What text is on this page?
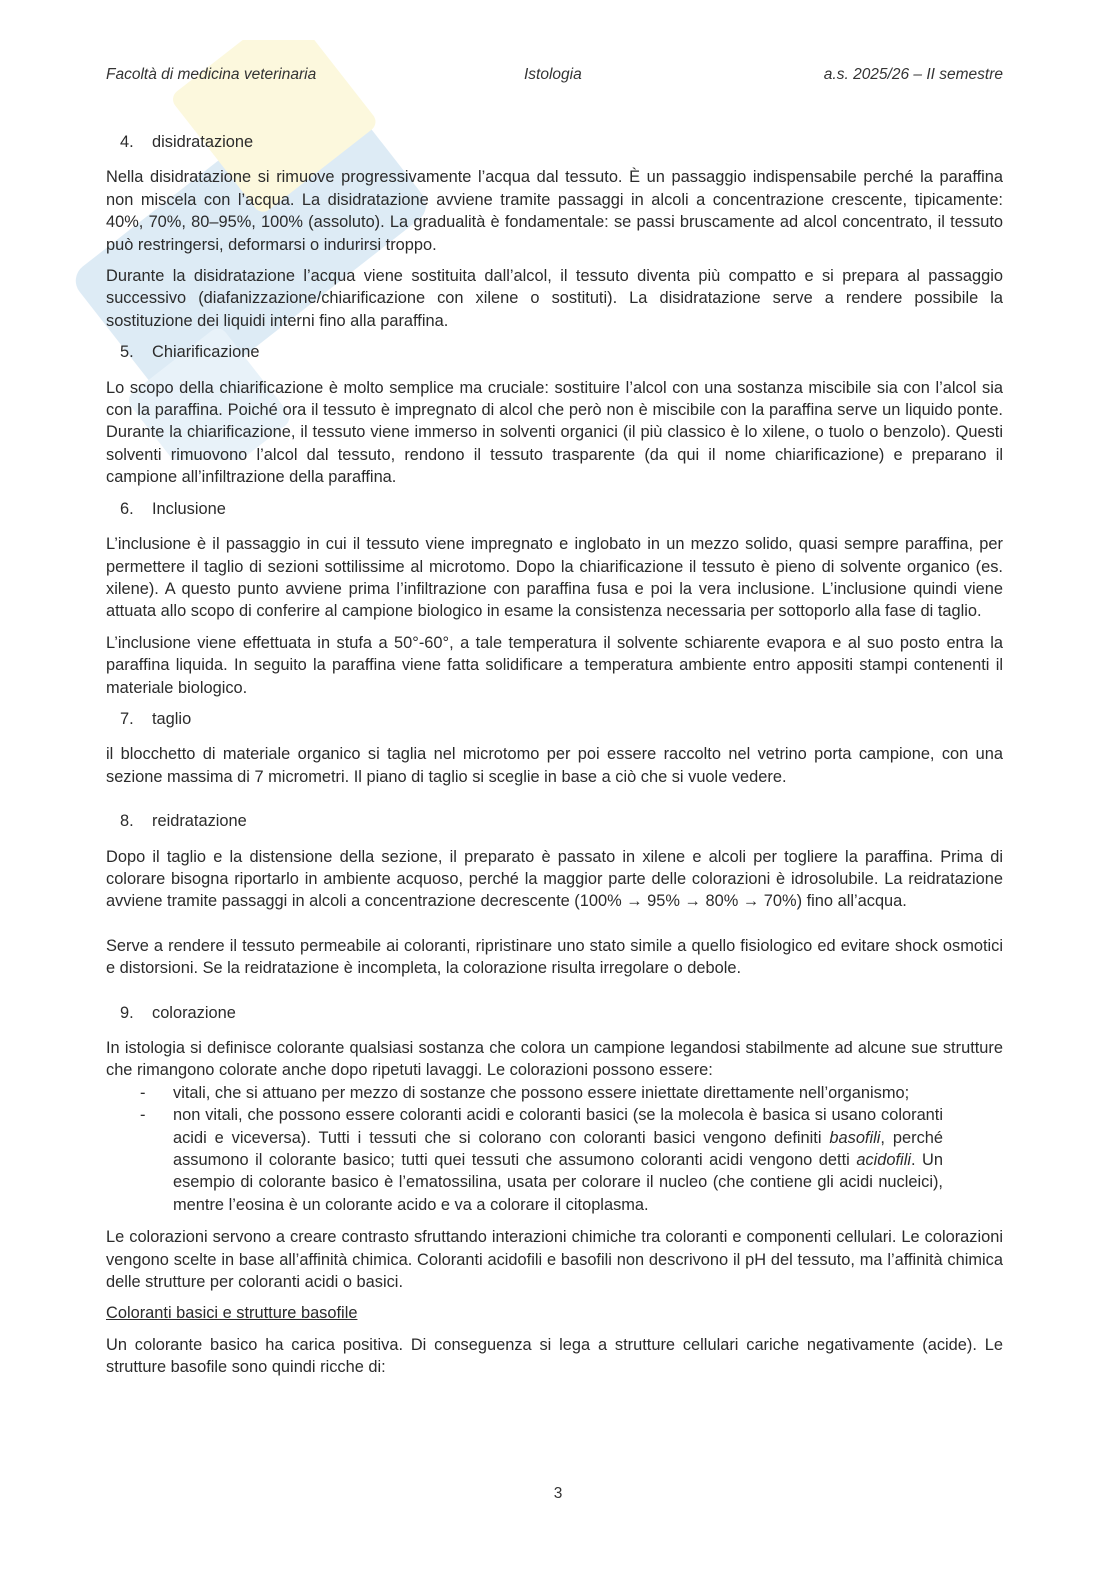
Facoltà di medicina veterinaria	Istologia	a.s. 2025/26 – II semestre
4.	disidratazione

Nella disidratazione si rimuove progressivamente l’acqua dal tessuto. È un passaggio indispensabile perché la paraffina non miscela con l’acqua. La disidratazione avviene tramite passaggi in alcoli a concentrazione crescente, tipicamente: 40%, 70%, 80–95%, 100% (assoluto). La gradualità è fondamentale: se passi bruscamente ad alcol concentrato, il tessuto può restringersi, deformarsi o indurirsi troppo.

Durante la disidratazione l’acqua viene sostituita dall’alcol, il tessuto diventa più compatto e si prepara al passaggio successivo (diafanizzazione/chiarificazione con xilene o sostituti). La disidratazione serve a rendere possibile la sostituzione dei liquidi interni fino alla paraffina.

5.	Chiarificazione

Lo scopo della chiarificazione è molto semplice ma cruciale: sostituire l’alcol con una sostanza miscibile sia con l’alcol sia con la paraffina. Poiché ora il tessuto è impregnato di alcol che però non è miscibile con la paraffina serve un liquido ponte. Durante la chiarificazione, il tessuto viene immerso in solventi organici (il più classico è lo xilene, o tuolo o benzolo). Questi solventi rimuovono l’alcol dal tessuto, rendono il tessuto trasparente (da qui il nome chiarificazione) e preparano il campione all’infiltrazione della paraffina.

6.	Inclusione

L’inclusione è il passaggio in cui il tessuto viene impregnato e inglobato in un mezzo solido, quasi sempre paraffina, per permettere il taglio di sezioni sottilissime al microtomo. Dopo la chiarificazione il tessuto è pieno di solvente organico (es. xilene). A questo punto avviene prima l’infiltrazione con paraffina fusa e poi la vera inclusione. L’inclusione quindi viene attuata allo scopo di conferire al campione biologico in esame la consistenza necessaria per sottoporlo alla fase di taglio.

L’inclusione viene effettuata in stufa a 50°-60°, a tale temperatura il solvente schiarente evapora e al suo posto entra la paraffina liquida. In seguito la paraffina viene fatta solidificare a temperatura ambiente entro appositi stampi contenenti il materiale biologico.

7.	taglio

il blocchetto di materiale organico si taglia nel microtomo per poi essere raccolto nel vetrino porta campione, con una sezione massima di 7 micrometri. Il piano di taglio si sceglie in base a ciò che si vuole vedere.

8.	reidratazione

Dopo il taglio e la distensione della sezione, il preparato è passato in xilene e alcoli per togliere la paraffina. Prima di colorare bisogna riportarlo in ambiente acquoso, perché la maggior parte delle colorazioni è idrosolubile. La reidratazione avviene tramite passaggi in alcoli a concentrazione decrescente (100% → 95% → 80% → 70%) fino all’acqua.

Serve a rendere il tessuto permeabile ai coloranti, ripristinare uno stato simile a quello fisiologico ed evitare shock osmotici e distorsioni. Se la reidratazione è incompleta, la colorazione risulta irregolare o debole.

9.	colorazione

In istologia si definisce colorante qualsiasi sostanza che colora un campione legandosi stabilmente ad alcune sue strutture che rimangono colorate anche dopo ripetuti lavaggi. Le colorazioni possono essere:

-	vitali, che si attuano per mezzo di sostanze che possono essere iniettate direttamente nell’organismo;
-	non vitali, che possono essere coloranti acidi e coloranti basici (se la molecola è basica si usano coloranti acidi e viceversa). Tutti i tessuti che si colorano con coloranti basici vengono definiti basofili, perché assumono il colorante basico; tutti quei tessuti che assumono coloranti acidi vengono detti acidofili. Un esempio di colorante basico è l’ematossilina, usata per colorare il nucleo (che contiene gli acidi nucleici), mentre l’eosina è un colorante acido e va a colorare il citoplasma.

Le colorazioni servono a creare contrasto sfruttando interazioni chimiche tra coloranti e componenti cellulari. Le colorazioni vengono scelte in base all’affinità chimica. Coloranti acidofili e basofili non descrivono il pH del tessuto, ma l’affinità chimica delle strutture per coloranti acidi o basici.

Coloranti basici e strutture basofile

Un colorante basico ha carica positiva. Di conseguenza si lega a strutture cellulari cariche negativamente (acide). Le strutture basofile sono quindi ricche di:

3
